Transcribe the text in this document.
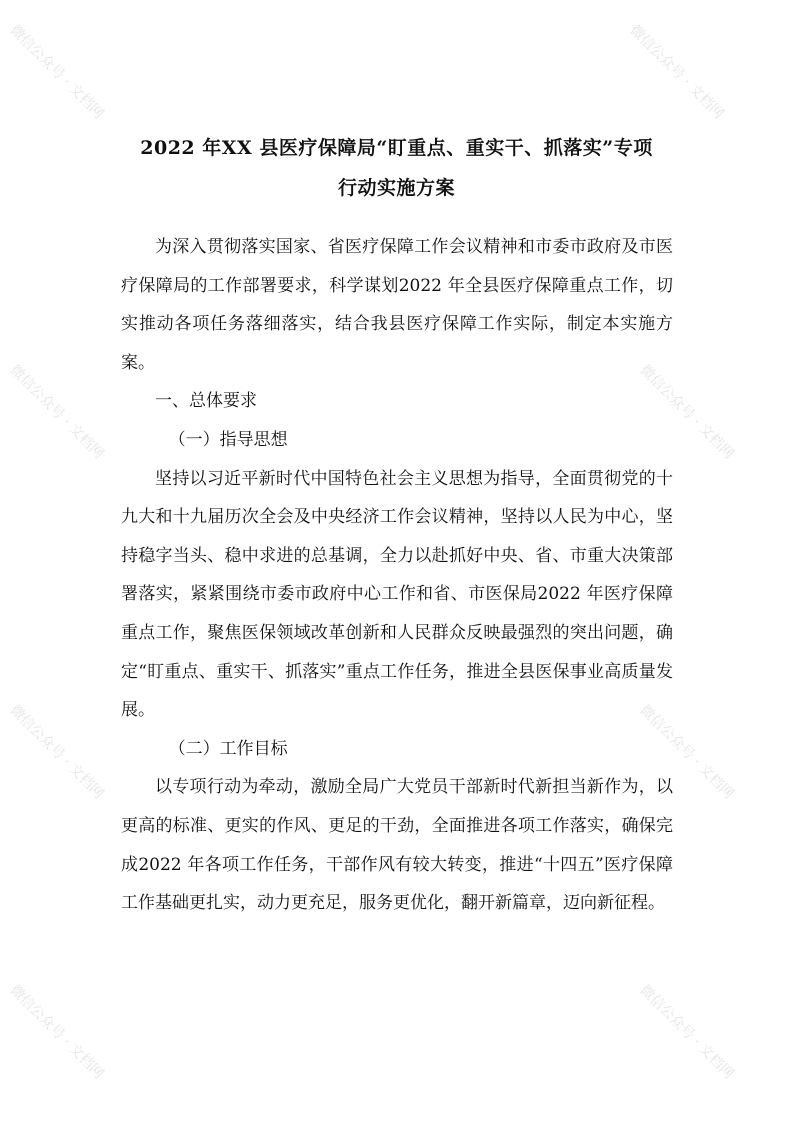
微信公众号 · 文档网	微信公众号 · 文档网
微信公众号 · 文档网	微信公众号 · 文档网
微信公众号 · 文档网	微信公众号 · 文档网
微信公众号 · 文档网	微信公众号 · 文档网
2022 年XX 县医疗保障局“盯重点、重实干、抓落实”专项
行动实施方案

为深入贯彻落实国家、省医疗保障工作会议精神和市委市政府及市医疗保障局的工作部署要求，科学谋划2022 年全县医疗保障重点工作，切实推动各项任务落细落实，结合我县医疗保障工作实际，制定本实施方案。

一、总体要求

（一）指导思想

坚持以习近平新时代中国特色社会主义思想为指导，全面贯彻党的十九大和十九届历次全会及中央经济工作会议精神，坚持以人民为中心，坚持稳字当头、稳中求进的总基调，全力以赴抓好中央、省、市重大决策部署落实，紧紧围绕市委市政府中心工作和省、市医保局2022 年医疗保障重点工作，聚焦医保领域改革创新和人民群众反映最强烈的突出问题，确定“盯重点、重实干、抓落实”重点工作任务，推进全县医保事业高质量发展。

（二）工作目标

以专项行动为牵动，激励全局广大党员干部新时代新担当新作为，以更高的标准、更实的作风、更足的干劲，全面推进各项工作落实，确保完成2022 年各项工作任务，干部作风有较大转变，推进“十四五”医疗保障工作基础更扎实，动力更充足，服务更优化，翻开新篇章，迈向新征程。
